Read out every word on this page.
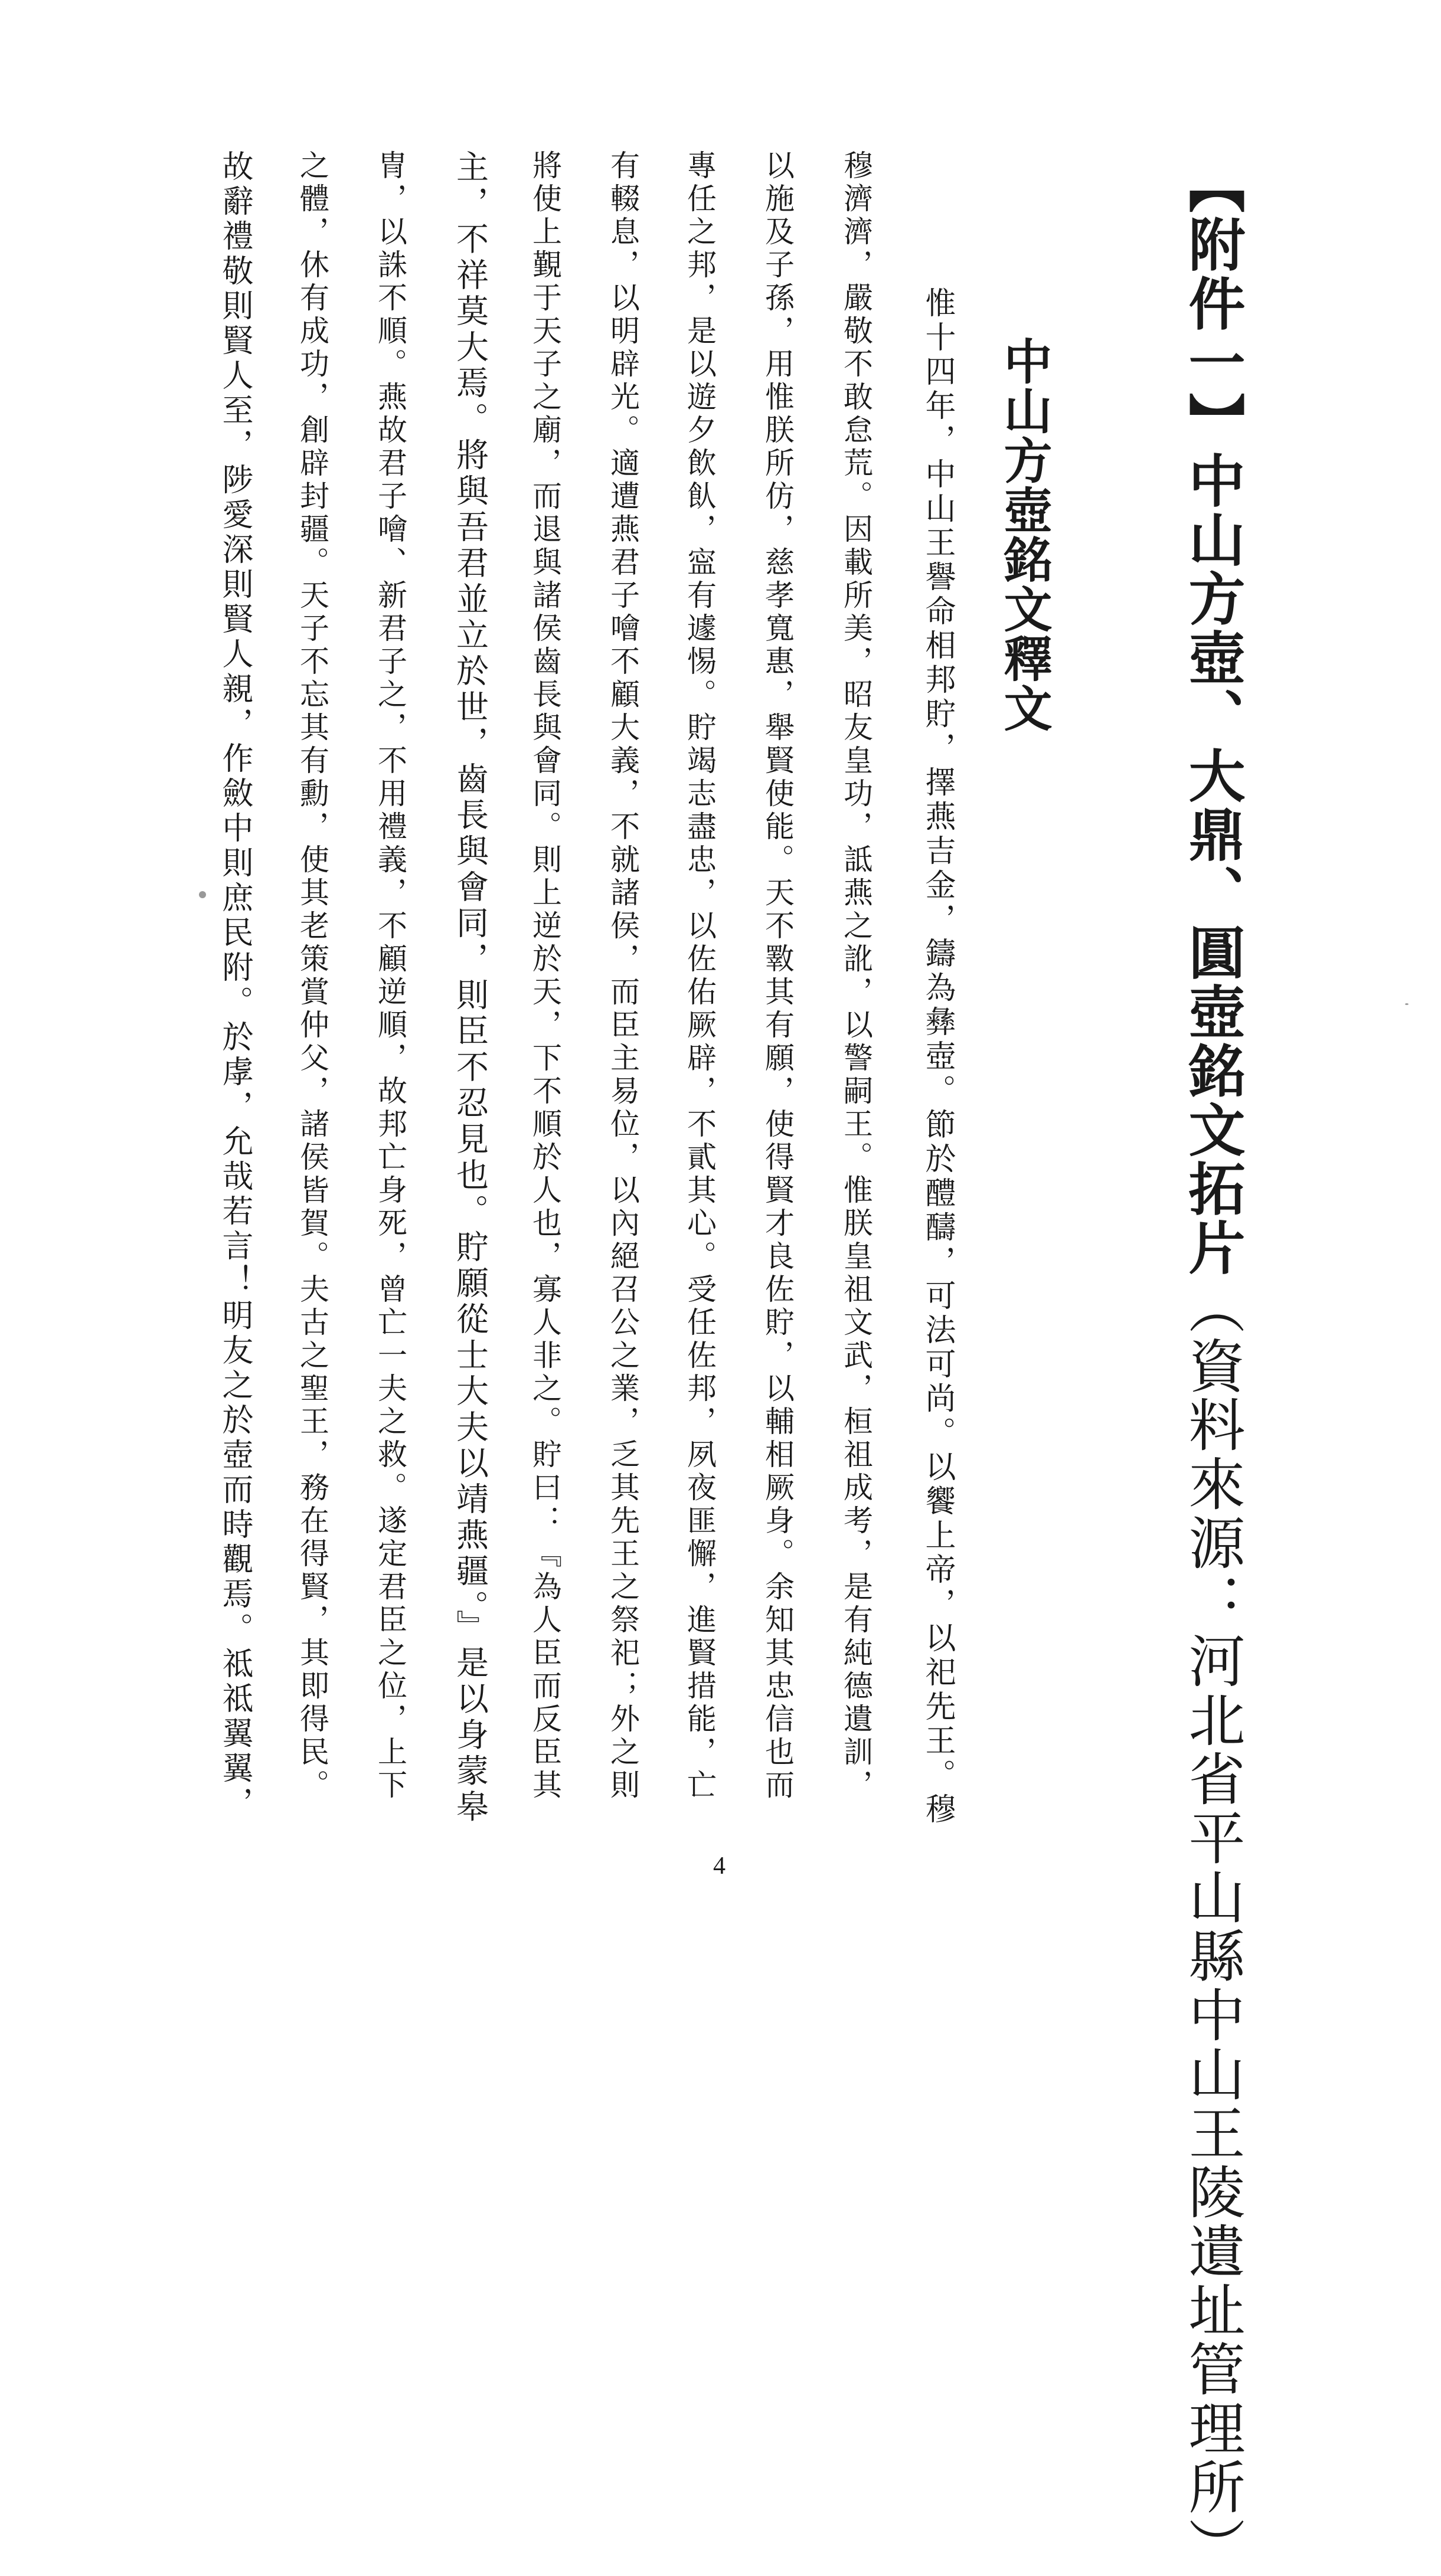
【附件一】中山方壺、大鼎、圓壺銘文拓片（資料來源：河北省平山縣中山王陵遺址管理所）
中山方壺銘文釋文
　　惟十四年，中山王譽命相邦貯，擇燕吉金，鑄為彝壺。節於醴醻，可法可尚。以饗上帝，以祀先王。穆
穆濟濟，嚴敬不敢怠荒。因載所美，昭友皇功，詆燕之訛，以警嗣王。惟朕皇祖文武，桓祖成考，是有純德遺訓，
以施及子孫，用惟朕所仿，慈孝寬惠，舉賢使能。天不斁其有願，使得賢才良佐貯，以輔相厥身。余知其忠信也而
專任之邦，是以遊夕飲飤，寍有遽惕。貯竭志盡忠，以佐佑厥辟，不貳其心。受任佐邦，夙夜匪懈，進賢措能，亡
有輟息，以明辟光。適遭燕君子噲不顧大義，不就諸侯，而臣主易位，以內絕召公之業，乏其先王之祭祀；外之則
將使上覲于天子之廟，而退與諸侯齒長與會同。則上逆於天，下不順於人也，寡人非之。貯曰：『為人臣而反臣其
主，不祥莫大焉。將與吾君並立於世，齒長與會同，則臣不忍見也。貯願從士大夫以靖燕疆。』是以身蒙皋
冑，以誅不順。燕故君子噲、新君子之，不用禮義，不顧逆順，故邦亡身死，曾亡一夫之救。遂定君臣之位，上下
之體，休有成功，創辟封疆。天子不忘其有勳，使其老策賞仲父，諸侯皆賀。夫古之聖王，務在得賢，其即得民。
故辭禮敬則賢人至，陟愛深則賢人親，作斂中則庶民附。於虖，允哉若言！明友之於壺而時觀焉。祗祗翼翼，
4
